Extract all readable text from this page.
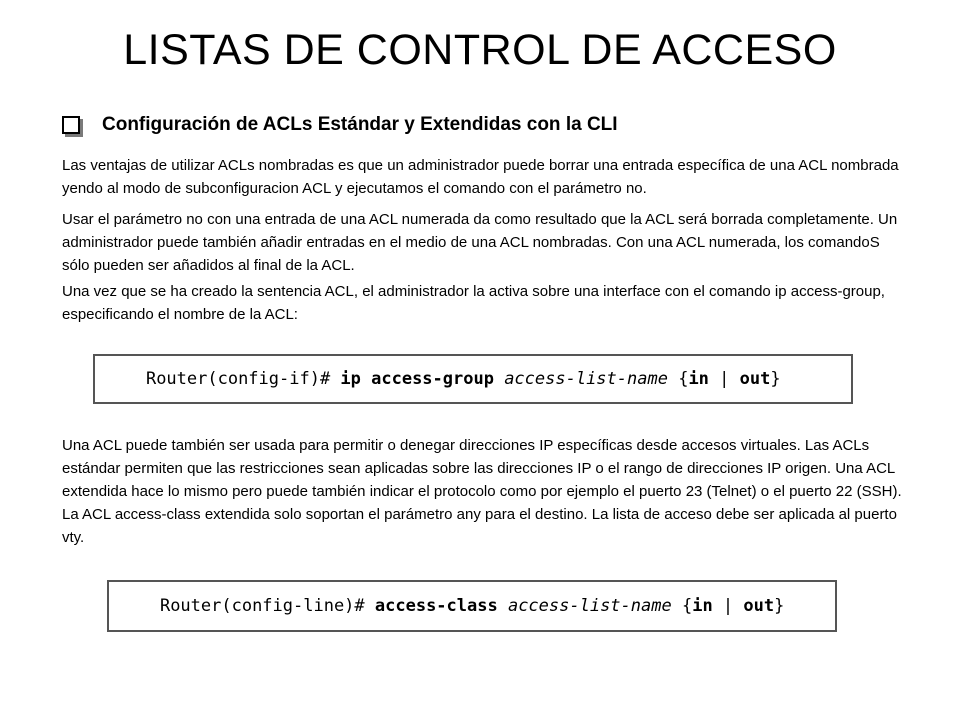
LISTAS DE CONTROL DE ACCESO
Configuración de ACLs Estándar y Extendidas con la CLI

Las ventajas de utilizar ACLs nombradas es que un administrador puede borrar una entrada específica de una ACL nombrada yendo al modo de subconfiguracion ACL y ejecutamos el comando con el parámetro no.

Usar el parámetro no con una entrada de una ACL numerada da como resultado que la ACL será borrada completamente. Un administrador puede también añadir entradas en el medio de una ACL nombradas. Con una ACL numerada, los comandoS sólo pueden ser añadidos al final de la ACL.

Una vez que se ha creado la sentencia ACL, el administrador la activa sobre una interface con el comando ip access-group, especificando el nombre de la ACL:

Router(config-if)# ip access-group access-list-name {in | out}

Una ACL puede también ser usada para permitir o denegar direcciones IP específicas desde accesos virtuales. Las ACLs estándar permiten que las restricciones sean aplicadas sobre las direcciones IP o el rango de direcciones IP origen. Una ACL extendida hace lo mismo pero puede también indicar el protocolo como por ejemplo el puerto 23 (Telnet) o el puerto 22 (SSH). La ACL access-class extendida solo soportan el parámetro any para el destino. La lista de acceso debe ser aplicada al puerto vty.

Router(config-line)# access-class access-list-name {in | out}
